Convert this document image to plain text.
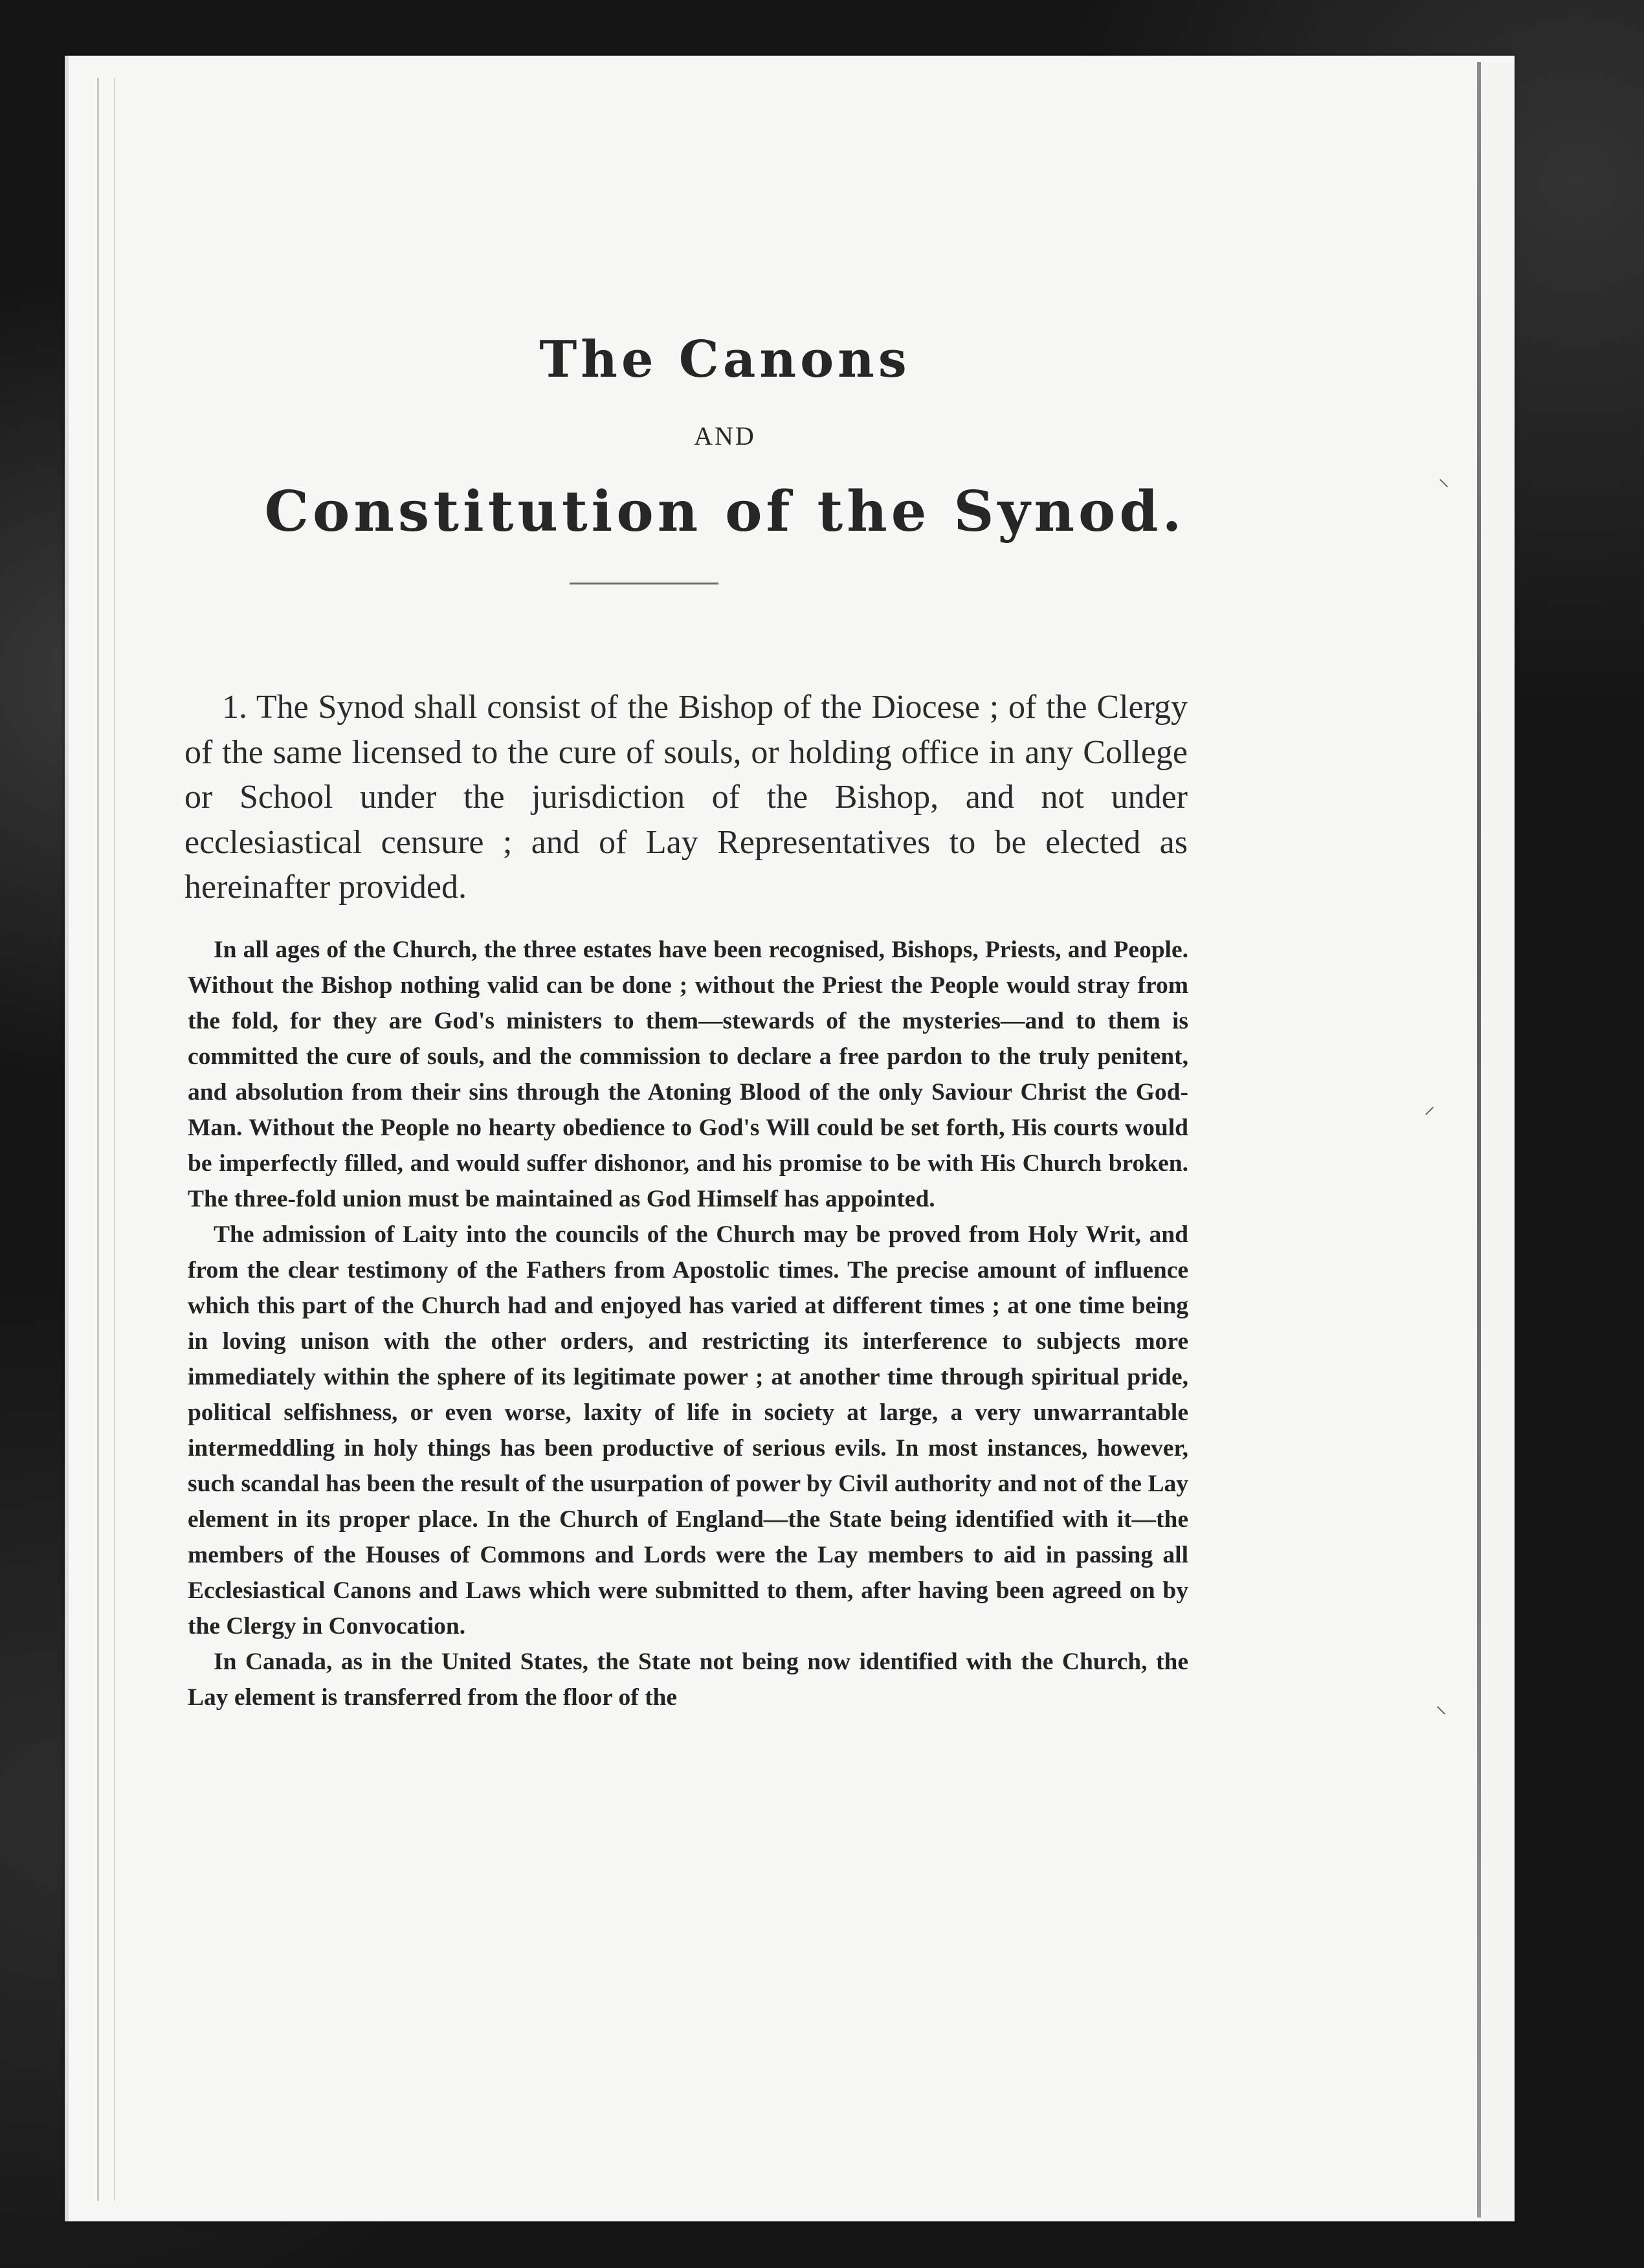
⸜
⸝
⸜
The Canons
AND
Constitution of the Synod.
1. The Synod shall consist of the Bishop of the Diocese ; of the Clergy of the same licensed to the cure of souls, or holding office in any College or School under the jurisdiction of the Bishop, and not under ecclesiastical censure ; and of Lay Representatives to be elected as hereinafter provided.

In all ages of the Church, the three estates have been recognised, Bishops, Priests, and People. Without the Bishop nothing valid can be done ; without the Priest the People would stray from the fold, for they are God's ministers to them—stewards of the mysteries—and to them is committed the cure of souls, and the commission to declare a free pardon to the truly penitent, and absolution from their sins through the Atoning Blood of the only Saviour Christ the God-Man. Without the People no hearty obedience to God's Will could be set forth, His courts would be imperfectly filled, and would suffer dishonor, and his promise to be with His Church broken. The three-fold union must be maintained as God Himself has appointed.

The admission of Laity into the councils of the Church may be proved from Holy Writ, and from the clear testimony of the Fathers from Apostolic times. The precise amount of influence which this part of the Church had and enjoyed has varied at different times ; at one time being in loving unison with the other orders, and restricting its interference to subjects more immediately within the sphere of its legitimate power ; at another time through spiritual pride, political selfishness, or even worse, laxity of life in society at large, a very unwarrantable intermeddling in holy things has been productive of serious evils. In most instances, however, such scandal has been the result of the usurpation of power by Civil authority and not of the Lay element in its proper place. In the Church of England—the State being identified with it—the members of the Houses of Commons and Lords were the Lay members to aid in passing all Ecclesiastical Canons and Laws which were submitted to them, after having been agreed on by the Clergy in Convocation.

In Canada, as in the United States, the State not being now identified with the Church, the Lay element is transferred from the floor of the
